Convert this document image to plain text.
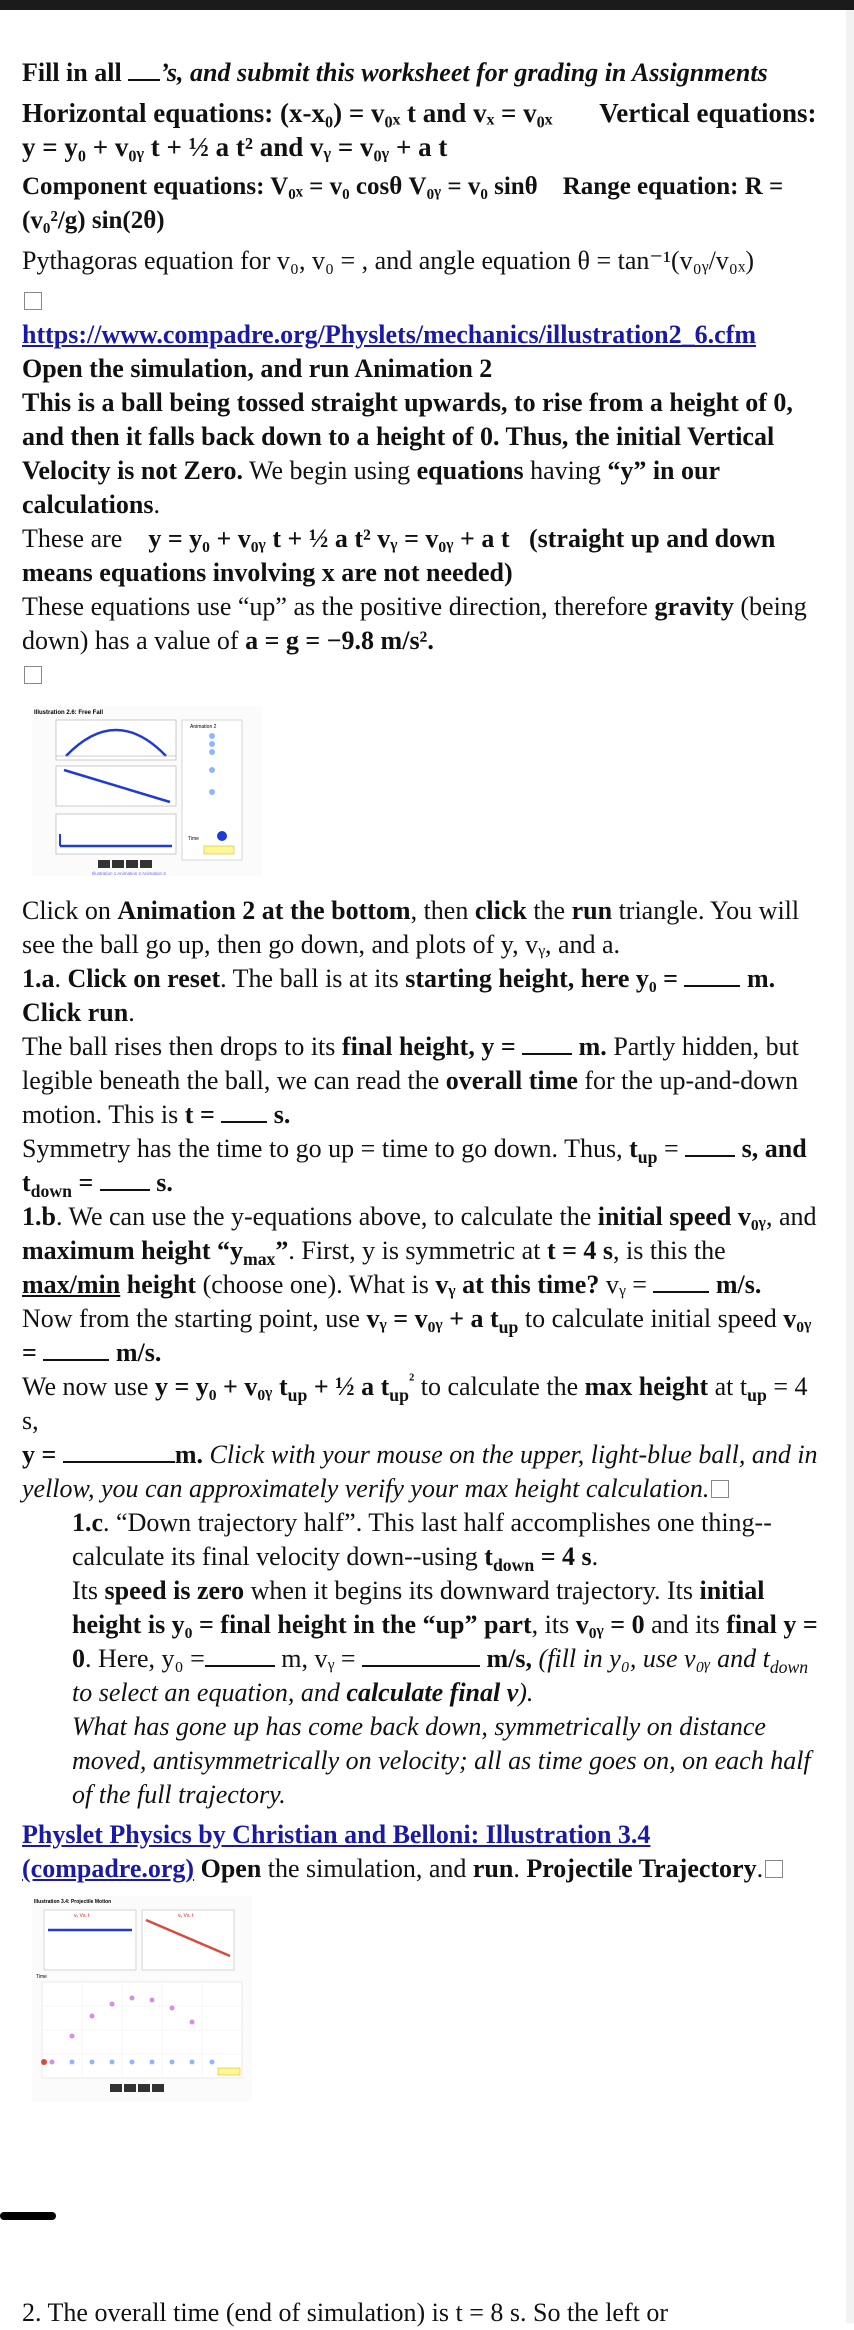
Fill in all ’s, and submit this worksheet for grading in Assignments

Horizontal equations: (x-x₀) = v₀ₓ t and vₓ = v₀ₓ Vertical equations: y = y₀ + v₀ᵧ t + ½ a t² and vᵧ = v₀ᵧ + a t

Component equations: V₀ₓ = v₀ cosθ V₀ᵧ = v₀ sinθ Range equation: R = (v₀²/g) sin(2θ)

Pythagoras equation for v₀, v₀ = , and angle equation θ = tan⁻¹(v₀ᵧ/v₀ₓ)

https://www.compadre.org/Physlets/mechanics/illustration2_6.cfm Open the simulation, and run Animation 2

This is a ball being tossed straight upwards, to rise from a height of 0, and then it falls back down to a height of 0. Thus, the initial Vertical Velocity is not Zero. We begin using equations having “y” in our calculations.

These are y = y₀ + v₀ᵧ t + ½ a t² vᵧ = v₀ᵧ + a t (straight up and down means equations involving x are not needed)

These equations use “up” as the positive direction, therefore gravity (being down) has a value of a = g = −9.8 m/s².

Illustration 2.6: Free Fall
Animation 2
Time
Illustration 1 Animation 2 Animation 3

Click on Animation 2 at the bottom, then click the run triangle. You will see the ball go up, then go down, and plots of y, vᵧ, and a.

1.a. Click on reset. The ball is at its starting height, here y₀ =  m. Click run.

The ball rises then drops to its final height, y =  m. Partly hidden, but legible beneath the ball, we can read the overall time for the up-and-down motion. This is t =  s.

Symmetry has the time to go up = time to go down. Thus, $t_{up} = s$, and $t_{down} = s$.

1.b. We can use the y-equations above, to calculate the initial speed v₀ᵧ, and maximum height “$y_{max}$”. First, y is symmetric at t = 4 s, is this the max/min height (choose one). What is vᵧ at this time? vᵧ =  m/s.

Now from the starting point, use vᵧ = v₀ᵧ + a $t_{up}$ to calculate initial speed v₀ᵧ =	m/s.

We now use y = y₀ + v₀ᵧ $t_{up}$ + ½ a $t_{up}^{^2}$ to calculate the max height at $t_{up} = 4$ s,

y =	m. Click with your mouse on the upper, light-blue ball, and in yellow, you can approximately verify your max height calculation.

1.c. “Down trajectory half”. This last half accomplishes one thing--calculate its final velocity down--using $t_{down} = 4$ s.

Its speed is zero when it begins its downward trajectory. Its initial height is y₀ = final height in the “up” part, its v₀ᵧ = 0 and its final y = 0. Here, y₀ =	m, vᵧ =	m/s, (fill in y₀, use v₀ᵧ and $t_{down}$ to select an equation, and calculate final v).

What has gone up has come back down, symmetrically on distance moved, antisymmetrically on velocity; all as time goes on, on each half of the full trajectory.

Physlet Physics by Christian and Belloni: Illustration 3.4 (compadre.org) Open the simulation, and run. Projectile Trajectory.

Illustration 3.4: Projectile Motion
vₓ Vs. t	vᵧ Vs. t
Time
2. The overall time (end of simulation) is t = 8 s. So the left or
